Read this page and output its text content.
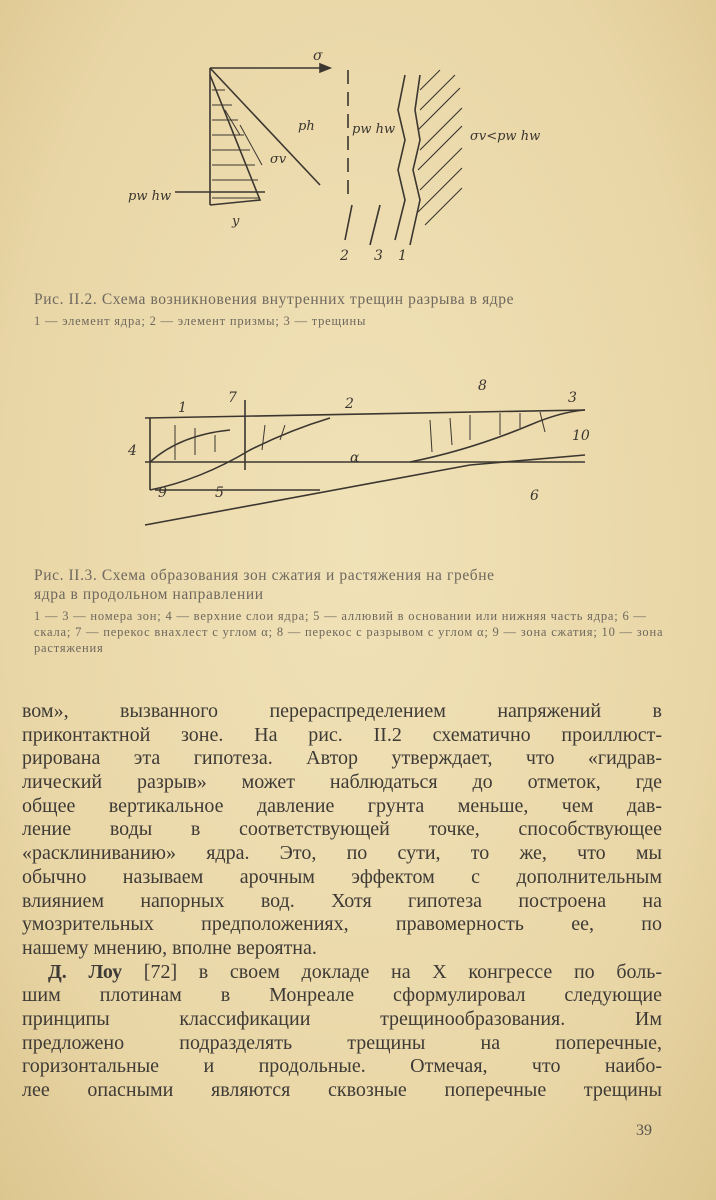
σ
ph
σv
pw hw
y
pw hw	σv<pw hw
2 3 1
Рис. II.2. Схема возникновения внутренних трещин разрыва в ядре
1 — элемент ядра; 2 — элемент призмы; 3 — трещины
1
7	2
8
3
4	α
10
9	5	6
Рис. II.3. Схема образования зон сжатия и растяжения на гребне
ядра в продольном направлении
1 — 3 — номера зон; 4 — верхние слои ядра; 5 — аллювий в основании или нижняя часть ядра; 6 — скала; 7 — перекос внахлест с углом α; 8 — перекос с разрывом с углом α; 9 — зона сжатия; 10 — зона растяжения
вом», вызванного перераспределением напряжений в
приконтактной зоне. На рис. II.2 схематично проиллюст-
рирована эта гипотеза. Автор утверждает, что «гидрав-
лический разрыв» может наблюдаться до отметок, где
общее вертикальное давление грунта меньше, чем дав-
ление воды в соответствующей точке, способствующее
«расклиниванию» ядра. Это, по сути, то же, что мы
обычно называем арочным эффектом с дополнительным
влиянием напорных вод. Хотя гипотеза построена на
умозрительных предположениях, правомерность ее, по
нашему мнению, вполне вероятна.
Д. Лоу [72] в своем докладе на X конгрессе по боль-
шим плотинам в Монреале сформулировал следующие
принципы классификации трещинообразования. Им
предложено подразделять трещины на поперечные,
горизонтальные и продольные. Отмечая, что наибо-
лее опасными являются сквозные поперечные трещины
39
